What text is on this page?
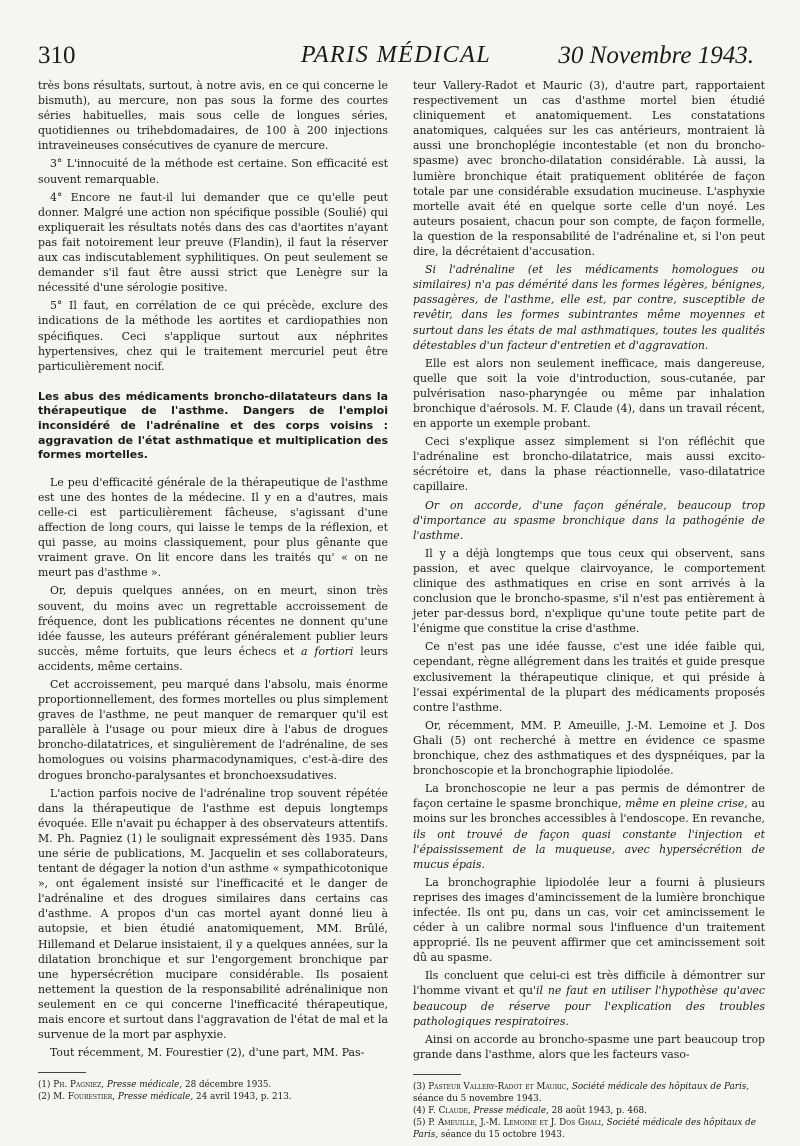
310	PARIS MÉDICAL	30 Novembre 1943.

très bons résultats, surtout, à notre avis, en ce qui concerne le bismuth), au mercure, non pas sous la forme des courtes séries habituelles, mais sous celle de longues séries, quotidiennes ou trihebdomadaires, de 100 à 200 injections intraveineuses consécutives de cyanure de mercure.

3° L'innocuité de la méthode est certaine. Son efficacité est souvent remarquable.

4° Encore ne faut-il lui demander que ce qu'elle peut donner. Malgré une action non spécifique possible (Soulié) qui expliquerait les résultats notés dans des cas d'aortites n'ayant pas fait notoirement leur preuve (Flandin), il faut la réserver aux cas indiscutablement syphilitiques. On peut seulement se demander s'il faut être aussi strict que Lenègre sur la nécessité d'une sérologie positive.

5° Il faut, en corrélation de ce qui précède, exclure des indications de la méthode les aortites et cardiopathies non spécifiques. Ceci s'applique surtout aux néphrites hypertensives, chez qui le traitement mercuriel peut être particulièrement nocif.

Les abus des médicaments broncho-dilatateurs dans la thérapeutique de l'asthme. Dangers de l'emploi inconsidéré de l'adrénaline et des corps voisins : aggravation de l'état asthmatique et multiplication des formes mortelles.

Le peu d'efficacité générale de la thérapeutique de l'asthme est une des hontes de la médecine. Il y en a d'autres, mais celle-ci est particulièrement fâcheuse, s'agissant d'une affection de long cours, qui laisse le temps de la réflexion, et qui passe, au moins classiquement, pour plus gênante que vraiment grave. On lit encore dans les traités qu' « on ne meurt pas d'asthme ».

Or, depuis quelques années, on en meurt, sinon très souvent, du moins avec un regrettable accroissement de fréquence, dont les publications récentes ne donnent qu'une idée fausse, les auteurs préférant généralement publier leurs succès, même fortuits, que leurs échecs et a fortiori leurs accidents, même certains.

Cet accroissement, peu marqué dans l'absolu, mais énorme proportionnellement, des formes mortelles ou plus simplement graves de l'asthme, ne peut manquer de remarquer qu'il est parallèle à l'usage ou pour mieux dire à l'abus de drogues broncho-dilatatrices, et singulièrement de l'adrénaline, de ses homologues ou voisins pharmacodynamiques, c'est-à-dire des drogues broncho-paralysantes et bronchoexsudatives.

L'action parfois nocive de l'adrénaline trop souvent répétée dans la thérapeutique de l'asthme est depuis longtemps évoquée. Elle n'avait pu échapper à des observateurs attentifs. M. Ph. Pagniez (1) le soulignait expressément dès 1935. Dans une série de publications, M. Jacquelin et ses collaborateurs, tentant de dégager la notion d'un asthme « sympathicotonique », ont également insisté sur l'inefficacité et le danger de l'adrénaline et des drogues similaires dans certains cas d'asthme. A propos d'un cas mortel ayant donné lieu à autopsie, et bien étudié anatomiquement, MM. Brûlé, Hillemand et Delarue insistaient, il y a quelques années, sur la dilatation bronchique et sur l'engorgement bronchique par une hypersécrétion mucipare considérable. Ils posaient nettement la question de la responsabilité adrénalinique non seulement en ce qui concerne l'inefficacité thérapeutique, mais encore et surtout dans l'aggravation de l'état de mal et la survenue de la mort par asphyxie.

Tout récemment, M. Fourestier (2), d'une part, MM. Pas-

(1) Ph. Pagniez, Presse médicale, 28 décembre 1935.

(2) M. Fourestier, Presse médicale, 24 avril 1943, p. 213.

teur Vallery-Radot et Mauric (3), d'autre part, rapportaient respectivement un cas d'asthme mortel bien étudié cliniquement et anatomiquement. Les constatations anatomiques, calquées sur les cas antérieurs, montraient là aussi une bronchoplégie incontestable (et non du broncho-spasme) avec broncho-dilatation considérable. Là aussi, la lumière bronchique était pratiquement oblitérée de façon totale par une considérable exsudation mucineuse. L'asphyxie mortelle avait été en quelque sorte celle d'un noyé. Les auteurs posaient, chacun pour son compte, de façon formelle, la question de la responsabilité de l'adrénaline et, si l'on peut dire, la décrétaient d'accusation.

Si l'adrénaline (et les médicaments homologues ou similaires) n'a pas démérité dans les formes légères, bénignes, passagères, de l'asthme, elle est, par contre, susceptible de revêtir, dans les formes subintrantes même moyennes et surtout dans les états de mal asthmatiques, toutes les qualités détestables d'un facteur d'entretien et d'aggravation.

Elle est alors non seulement inefficace, mais dangereuse, quelle que soit la voie d'introduction, sous-cutanée, par pulvérisation naso-pharyngée ou même par inhalation bronchique d'aérosols. M. F. Claude (4), dans un travail récent, en apporte un exemple probant.

Ceci s'explique assez simplement si l'on réfléchit que l'adrénaline est broncho-dilatatrice, mais aussi excito-sécrétoire et, dans la phase réactionnelle, vaso-dilatatrice capillaire.

Or on accorde, d'une façon générale, beaucoup trop d'importance au spasme bronchique dans la pathogénie de l'asthme.

Il y a déjà longtemps que tous ceux qui observent, sans passion, et avec quelque clairvoyance, le comportement clinique des asthmatiques en crise en sont arrivés à la conclusion que le broncho-spasme, s'il n'est pas entièrement à jeter par-dessus bord, n'explique qu'une toute petite part de l'énigme que constitue la crise d'asthme.

Ce n'est pas une idée fausse, c'est une idée faible qui, cependant, règne allégrement dans les traités et guide presque exclusivement la thérapeutique clinique, et qui préside à l'essai expérimental de la plupart des médicaments proposés contre l'asthme.

Or, récemment, MM. P. Ameuille, J.-M. Lemoine et J. Dos Ghali (5) ont recherché à mettre en évidence ce spasme bronchique, chez des asthmatiques et des dyspnéiques, par la bronchoscopie et la bronchographie lipiodolée.

La bronchoscopie ne leur a pas permis de démontrer de façon certaine le spasme bronchique, même en pleine crise, au moins sur les bronches accessibles à l'endoscope. En revanche, ils ont trouvé de façon quasi constante l'injection et l'épaississement de la muqueuse, avec hypersécrétion de mucus épais.

La bronchographie lipiodolée leur a fourni à plusieurs reprises des images d'amincissement de la lumière bronchique infectée. Ils ont pu, dans un cas, voir cet amincissement le céder à un calibre normal sous l'influence d'un traitement approprié. Ils ne peuvent affirmer que cet amincissement soit dû au spasme.

Ils concluent que celui-ci est très difficile à démontrer sur l'homme vivant et qu'il ne faut en utiliser l'hypothèse qu'avec beaucoup de réserve pour l'explication des troubles pathologiques respiratoires.

Ainsi on accorde au broncho-spasme une part beaucoup trop grande dans l'asthme, alors que les facteurs vaso-

(3) Pasteur Vallery-Radot et Mauric, Société médicale des hôpitaux de Paris, séance du 5 novembre 1943.

(4) F. Claude, Presse médicale, 28 août 1943, p. 468.

(5) P. Ameuille, J.-M. Lemoine et J. Dos Ghali, Société médicale des hôpitaux de Paris, séance du 15 octobre 1943.
